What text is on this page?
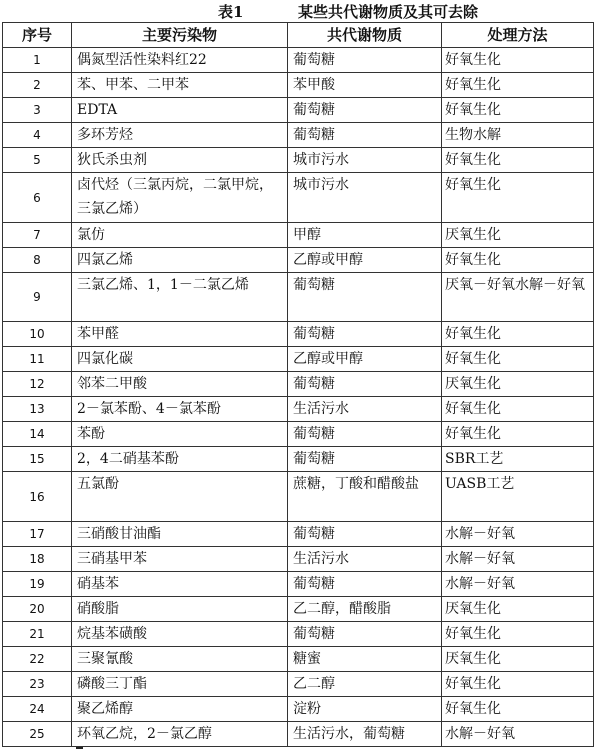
表1	某些共代谢物质及其可去除
序号	主要污染物	共代谢物质	处理方法
1	偶氮型活性染料红22	葡萄糖	好氧生化
2	苯、甲苯、二甲苯	苯甲酸	好氧生化
3	EDTA	葡萄糖	好氧生化
4	多环芳烃	葡萄糖	生物水解
5	狄氏杀虫剂	城市污水	好氧生化
6	卤代烃（三氯丙烷，二氯甲烷，三氯乙烯）	城市污水	好氧生化
7	氯仿	甲醇	厌氧生化
8	四氯乙烯	乙醇或甲醇	好氧生化
9	三氯乙烯、1，1－二氯乙烯	葡萄糖	厌氧－好氧水解－好氧
10	苯甲醛	葡萄糖	好氧生化
11	四氯化碳	乙醇或甲醇	好氧生化
12	邻苯二甲酸	葡萄糖	厌氧生化
13	2－氯苯酚、4－氯苯酚	生活污水	好氧生化
14	苯酚	葡萄糖	好氧生化
15	2，4二硝基苯酚	葡萄糖	SBR工艺
16	五氯酚	蔗糖，丁酸和醋酸盐	UASB工艺
17	三硝酸甘油酯	葡萄糖	水解－好氧
18	三硝基甲苯	生活污水	水解－好氧
19	硝基苯	葡萄糖	水解－好氧
20	硝酸脂	乙二醇，醋酸脂	厌氧生化
21	烷基苯磺酸	葡萄糖	好氧生化
22	三聚氰酸	糖蜜	厌氧生化
23	磷酸三丁酯	乙二醇	好氧生化
24	聚乙烯醇	淀粉	好氧生化
25	环氧乙烷，2－氯乙醇	生活污水，葡萄糖	水解－好氧
